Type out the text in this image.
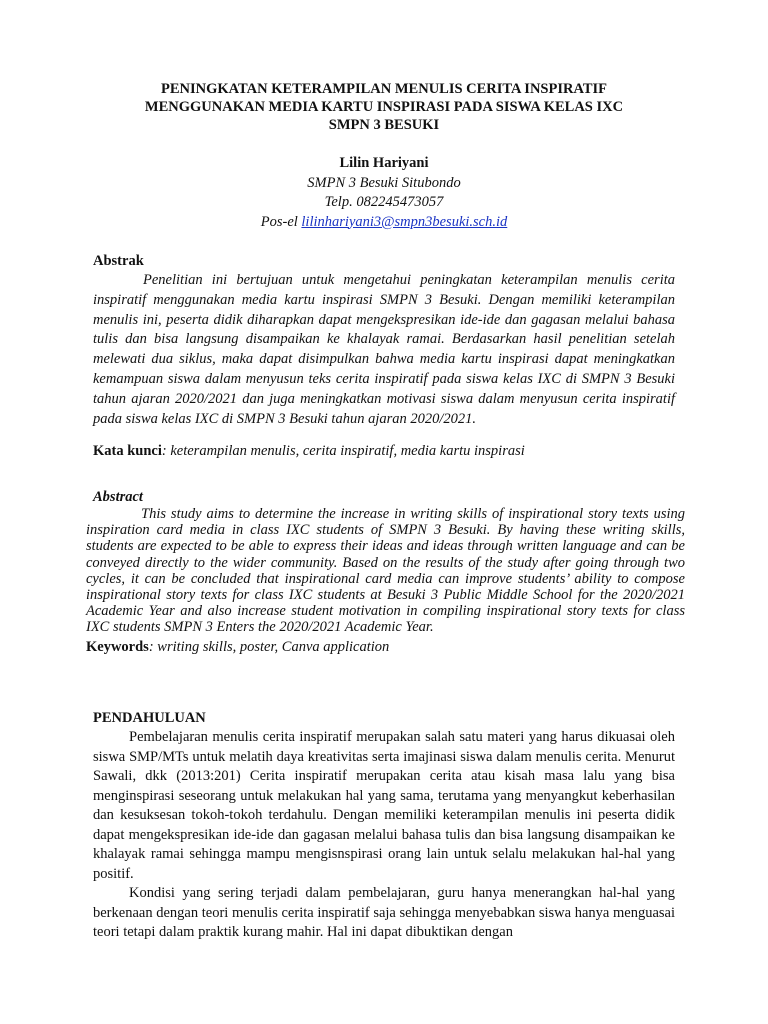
PENINGKATAN KETERAMPILAN MENULIS CERITA INSPIRATIF
MENGGUNAKAN MEDIA KARTU INSPIRASI PADA SISWA KELAS IXC
SMPN 3 BESUKI
Lilin Hariyani
SMPN 3 Besuki Situbondo
Telp. 082245473057
Pos-el lilinhariyani3@smpn3besuki.sch.id
Abstrak

Penelitian ini bertujuan untuk mengetahui peningkatan keterampilan menulis cerita inspiratif menggunakan media kartu inspirasi SMPN 3 Besuki. Dengan memiliki keterampilan menulis ini, peserta didik diharapkan dapat mengekspresikan ide-ide dan gagasan melalui bahasa tulis dan bisa langsung disampaikan ke khalayak ramai. Berdasarkan hasil penelitian setelah melewati dua siklus, maka dapat disimpulkan bahwa media kartu inspirasi dapat meningkatkan kemampuan siswa dalam menyusun teks cerita inspiratif pada siswa kelas IXC di SMPN 3 Besuki tahun ajaran 2020/2021 dan juga meningkatkan motivasi siswa dalam menyusun cerita inspiratif pada siswa kelas IXC di SMPN 3 Besuki tahun ajaran 2020/2021.

Kata kunci: keterampilan menulis, cerita inspiratif, media kartu inspirasi
Abstract

This study aims to determine the increase in writing skills of inspirational story texts using inspiration card media in class IXC students of SMPN 3 Besuki. By having these writing skills, students are expected to be able to express their ideas and ideas through written language and can be conveyed directly to the wider community. Based on the results of the study after going through two cycles, it can be concluded that inspirational card media can improve students’ ability to compose inspirational story texts for class IXC students at Besuki 3 Public Middle School for the 2020/2021 Academic Year and also increase student motivation in compiling inspirational story texts for class IXC students SMPN 3 Enters the 2020/2021 Academic Year.

Keywords: writing skills, poster, Canva application
PENDAHULUAN

Pembelajaran menulis cerita inspiratif merupakan salah satu materi yang harus dikuasai oleh siswa SMP/MTs untuk melatih daya kreativitas serta imajinasi siswa dalam menulis cerita. Menurut Sawali, dkk (2013:201) Cerita inspiratif merupakan cerita atau kisah masa lalu yang bisa menginspirasi seseorang untuk melakukan hal yang sama, terutama yang menyangkut keberhasilan dan kesuksesan tokoh-tokoh terdahulu. Dengan memiliki keterampilan menulis ini peserta didik dapat mengekspresikan ide-ide dan gagasan melalui bahasa tulis dan bisa langsung disampaikan ke khalayak ramai sehingga mampu mengisnspirasi orang lain untuk selalu melakukan hal-hal yang positif.

Kondisi yang sering terjadi dalam pembelajaran, guru hanya menerangkan hal-hal yang berkenaan dengan teori menulis cerita inspiratif saja sehingga menyebabkan siswa hanya menguasai teori tetapi dalam praktik kurang mahir. Hal ini dapat dibuktikan dengan
